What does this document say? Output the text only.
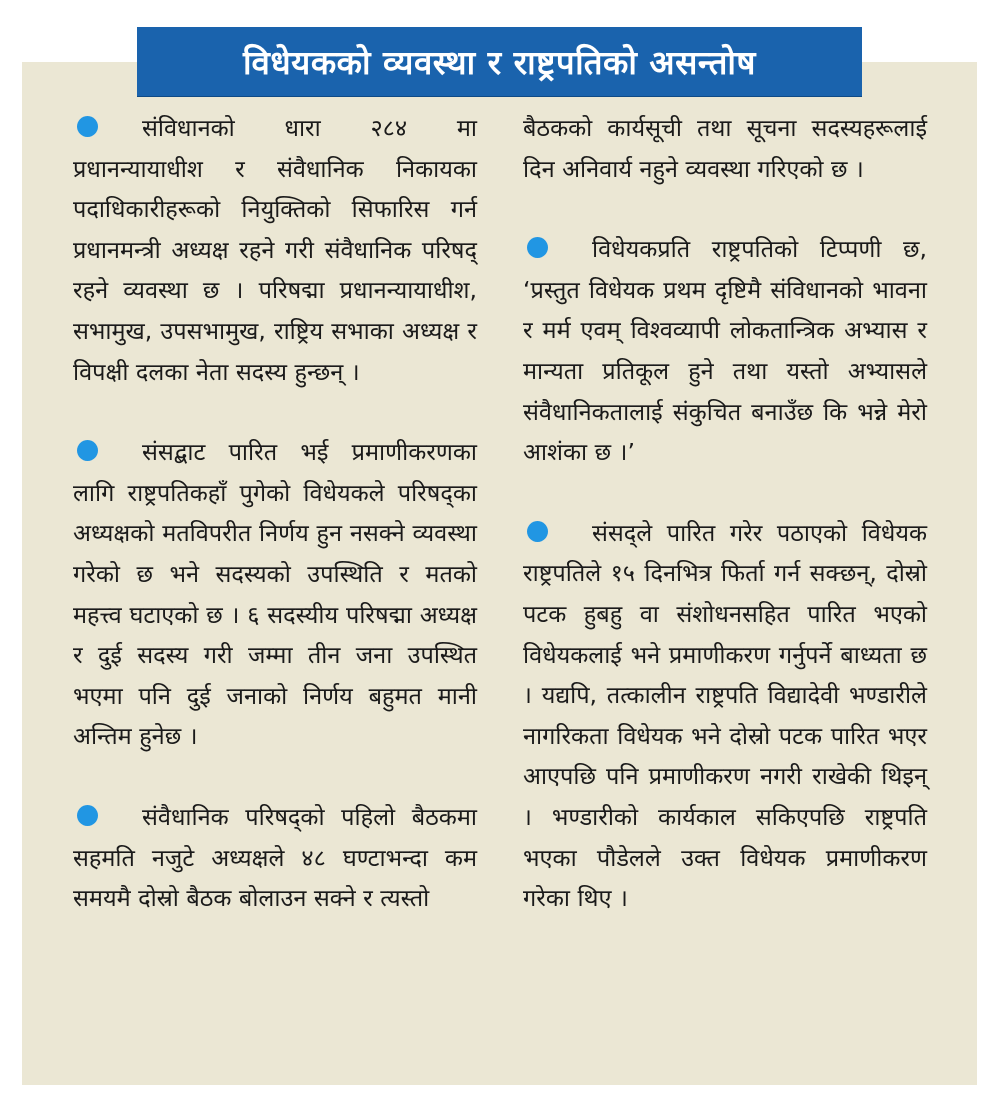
विधेयकको व्यवस्था र राष्ट्रपतिको असन्तोष

संविधानको धारा २८४ मा प्रधानन्यायाधीश र संवैधानिक निकायका पदाधिकारीहरूको नियुक्तिको सिफारिस गर्न प्रधानमन्त्री अध्यक्ष रहने गरी संवैधानिक परिषद् रहने व्यवस्था छ । परिषद्मा प्रधानन्यायाधीश, सभामुख, उपसभामुख, राष्ट्रिय सभाका अध्यक्ष र विपक्षी दलका नेता सदस्य हुन्छन् ।

संसद्बाट पारित भई प्रमाणीकरणका लागि राष्ट्रपतिकहाँ पुगेको विधेयकले परिषद्का अध्यक्षको मतविपरीत निर्णय हुन नसक्ने व्यवस्था गरेको छ भने सदस्यको उपस्थिति र मतको महत्त्व घटाएको छ । ६ सदस्यीय परिषद्मा अध्यक्ष र दुई सदस्य गरी जम्मा तीन जना उपस्थित भएमा पनि दुई जनाको निर्णय बहुमत मानी अन्तिम हुनेछ ।

संवैधानिक परिषद्को पहिलो बैठकमा सहमति नजुटे अध्यक्षले ४८ घण्टाभन्दा कम समयमै दोस्रो बैठक बोलाउन सक्ने र त्यस्तो

बैठकको कार्यसूची तथा सूचना सदस्यहरूलाई दिन अनिवार्य नहुने व्यवस्था गरिएको छ ।

विधेयकप्रति राष्ट्रपतिको टिप्पणी छ, ‘प्रस्तुत विधेयक प्रथम दृष्टिमै संविधानको भावना र मर्म एवम् विश्वव्यापी लोकतान्त्रिक अभ्यास र मान्यता प्रतिकूल हुने तथा यस्तो अभ्यासले संवैधानिकतालाई संकुचित बनाउँछ कि भन्ने मेरो आशंका छ ।’

संसद्ले पारित गरेर पठाएको विधेयक राष्ट्रपतिले १५ दिनभित्र फिर्ता गर्न सक्छन्, दोस्रो पटक हुबहु वा संशोधनसहित पारित भएको विधेयकलाई भने प्रमाणीकरण गर्नुपर्ने बाध्यता छ । यद्यपि, तत्कालीन राष्ट्रपति विद्यादेवी भण्डारीले नागरिकता विधेयक भने दोस्रो पटक पारित भएर आएपछि पनि प्रमाणीकरण नगरी राखेकी थिइन् । भण्डारीको कार्यकाल सकिएपछि राष्ट्रपति भएका पौडेलले उक्त विधेयक प्रमाणीकरण गरेका थिए ।
